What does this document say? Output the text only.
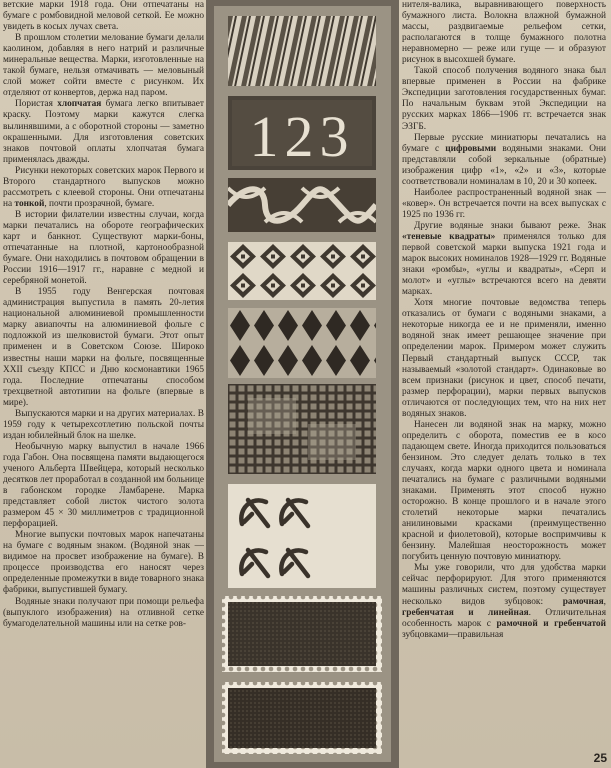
ветские марки 1918 года. Они отпечатаны на бумаге с ромбовидной меловой сеткой. Ее можно увидеть в косых лучах света.

В прошлом столетии мелование бумаги делали каолином, добавляя в него натрий и различные минеральные вещества. Марки, изготовленные на такой бумаге, нельзя отмачивать — меловыный слой может сойти вместе с рисунком. Их отделяют от конвертов, держа над паром.

Пористая хлопчатая бумага легко впитывает краску. Поэтому марки кажутся слегка вылинявшими, а с оборотной стороны — заметно окрашенными. Для изготовления советских знаков почтовой оплаты хлопчатая бумага применялась дважды.

Рисунки некоторых советских марок Первого и Второго стандартного выпусков можно рассмотреть с клеевой стороны. Они отпечатаны на тонкой, почти прозрачной, бумаге.

В истории филателии известны случаи, когда марки печатались на обороте географических карт и банкнот. Существуют марки-боны, отпечатанные на плотной, картонообразной бумаге. Они находились в почтовом обращении в России 1916—1917 гг., наравне с медной и серебряной монетой.

В 1955 году Венгерская почтовая администрация выпустила в память 20-летия национальной алюминиевой промышленности марку авиапочты на алюминиевой фольге с подложкой из шелковистой бумаги. Этот опыт применен и в Советском Союзе. Широко известны наши марки на фольге, посвященные XXII съезду КПСС и Дню космонавтики 1965 года. Последние отпечатаны способом трехцветной автотипии на фольге (впервые в мире).

Выпускаются марки и на других материалах. В 1959 году к четырехсотлетию польской почты издан юбилейный блок на шелке.

Необычную марку выпустил в начале 1966 года Габон. Она посвящена памяти выдающегося ученого Альберта Швейцера, который несколько десятков лет проработал в созданной им больнице в габонском городке Ламбарене. Марка представляет собой листок чистого золота размером 45 × 30 миллиметров с традиционной перфорацией.

Многие выпуски почтовых марок напечатаны на бумаге с водяным знаком. (Водяной знак — видимое на просвет изображение на бумаге). В процессе производства его наносят через определенные промежутки в виде товарного знака фабрики, выпустившей бумагу.

Водяные знаки получают при помощи рельефа (выпуклого изображения) на отливной сетке бумагоделательной машины или на сетке ров-

123

нителя-валика, выравнивающего поверхность бумажного листа. Волокна влажной бумажной массы, раздвигаемые рельефом сетки, располагаются в толще бумажного полотна неравномерно — реже или гуще — и образуют рисунок в высохшей бумаге.

Такой способ получения водяного знака был впервые применен в России на фабрике Экспедиции заготовления государственных бумаг. По начальным буквам этой Экспедиции на русских марках 1866—1906 гг. встречается знак ЭЗГБ.

Первые русские миниатюры печатались на бумаге с цифровыми водяными знаками. Они представляли собой зеркальные (обратные) изображения цифр «1», «2» и «3», которые соответствовали номиналам в 10, 20 и 30 копеек.

Наиболее распространенный водяной знак — «ковер». Он встречается почти на всех выпусках с 1925 по 1936 гг.

Другие водяные знаки бывают реже. Знак «теневые квадраты» применялся только для первой советской марки выпуска 1921 года и марок высоких номиналов 1928—1929 гг. Водяные знаки «ромбы», «углы и квадраты», «Серп и молот» и «углы» встречаются всего на девяти марках.

Хотя многие почтовые ведомства теперь отказались от бумаги с водяными знаками, а некоторые никогда ее и не применяли, именно водяной знак имеет решающее значение при определении марок. Примером может служить Первый стандартный выпуск СССР, так называемый «золотой стандарт». Одинаковые во всем признаки (рисунок и цвет, способ печати, размер перфорации), марки первых выпусков отличаются от последующих тем, что на них нет водяных знаков.

Нанесен ли водяной знак на марку, можно определить с оборота, поместив ее в косо падающем свете. Иногда приходится пользоваться бензином. Это следует делать только в тех случаях, когда марки одного цвета и номинала печатались на бумаге с различными водяными знаками. Применять этот способ нужно осторожно. В конце прошлого и в начале этого столетий некоторые марки печатались анилиновыми красками (преимущественно красной и фиолетовой), которые воспримчивы к бензину. Малейшая неосторожность может погубить ценную почтовую миниатюру.

Мы уже говорили, что для удобства марки сейчас перфорируют. Для этого применяются машины различных систем, поэтому существует несколько видов зубцовок: рамочная, гребенчатая и линейная. Отличительная особенность марок с рамочной и гребенчатой зубцовками—правильная

25
